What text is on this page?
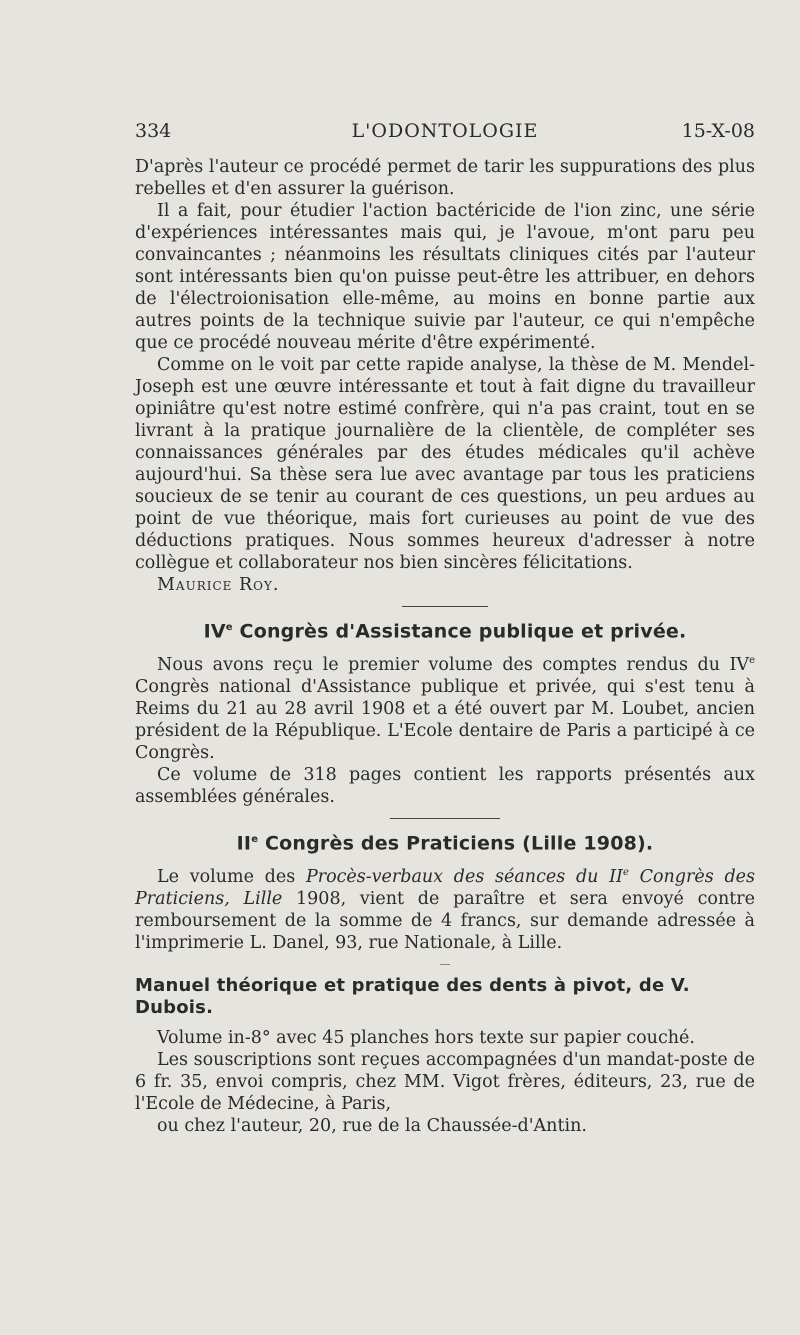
334	L'ODONTOLOGIE	15-X-08

D'après l'auteur ce procédé permet de tarir les suppurations des plus rebelles et d'en assurer la guérison.

Il a fait, pour étudier l'action bactéricide de l'ion zinc, une série d'expériences intéressantes mais qui, je l'avoue, m'ont paru peu convaincantes ; néanmoins les résultats cliniques cités par l'auteur sont intéressants bien qu'on puisse peut-être les attribuer, en dehors de l'électroionisation elle-même, au moins en bonne partie aux autres points de la technique suivie par l'auteur, ce qui n'empêche que ce procédé nouveau mérite d'être expérimenté.

Comme on le voit par cette rapide analyse, la thèse de M. Mendel-Joseph est une œuvre intéressante et tout à fait digne du travailleur opiniâtre qu'est notre estimé confrère, qui n'a pas craint, tout en se livrant à la pratique journalière de la clientèle, de compléter ses connaissances générales par des études médicales qu'il achève aujourd'hui. Sa thèse sera lue avec avantage par tous les praticiens soucieux de se tenir au courant de ces questions, un peu ardues au point de vue théorique, mais fort curieuses au point de vue des déductions pratiques. Nous sommes heureux d'adresser à notre collègue et collaborateur nos bien sincères félicitations.

Maurice Roy.

IVe Congrès d'Assistance publique et privée.

Nous avons reçu le premier volume des comptes rendus du IVe Congrès national d'Assistance publique et privée, qui s'est tenu à Reims du 21 au 28 avril 1908 et a été ouvert par M. Loubet, ancien président de la République. L'Ecole dentaire de Paris a participé à ce Congrès.

Ce volume de 318 pages contient les rapports présentés aux assemblées générales.

IIe Congrès des Praticiens (Lille 1908).

Le volume des Procès-verbaux des séances du IIe Congrès des Praticiens, Lille 1908, vient de paraître et sera envoyé contre remboursement de la somme de 4 francs, sur demande adressée à l'imprimerie L. Danel, 93, rue Nationale, à Lille.

Manuel théorique et pratique des dents à pivot, de V. Dubois.

Volume in-8° avec 45 planches hors texte sur papier couché.

Les souscriptions sont reçues accompagnées d'un mandat-poste de 6 fr. 35, envoi compris, chez MM. Vigot frères, éditeurs, 23, rue de l'Ecole de Médecine, à Paris,

ou chez l'auteur, 20, rue de la Chaussée-d'Antin.
